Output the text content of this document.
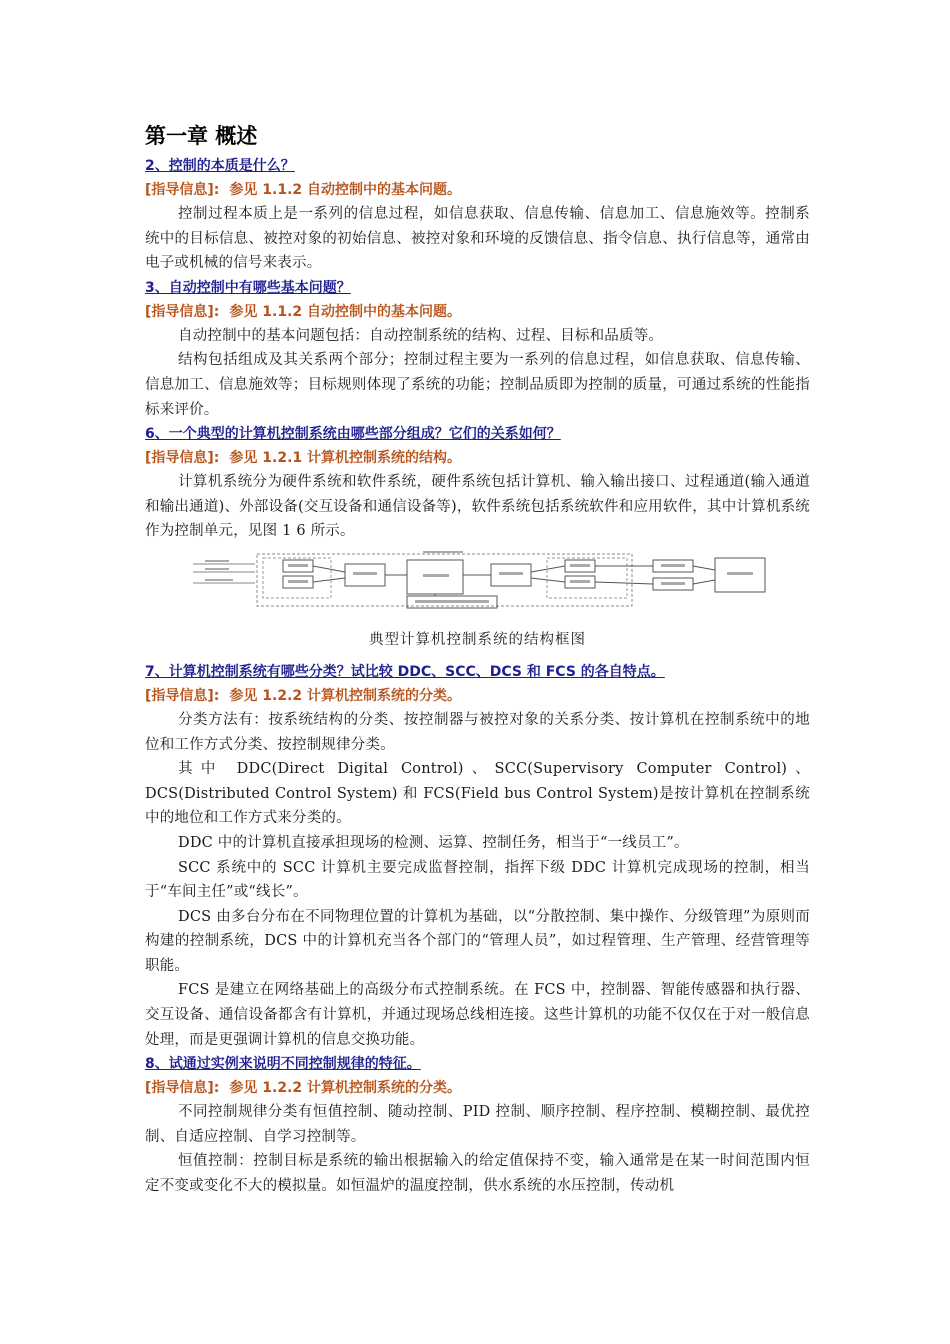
第一章 概述

2、控制的本质是什么？

[指导信息]: 参见 1.1.2 自动控制中的基本问题。

控制过程本质上是一系列的信息过程，如信息获取、信息传输、信息加工、信息施效等。控制系统中的目标信息、被控对象的初始信息、被控对象和环境的反馈信息、指令信息、执行信息等，通常由电子或机械的信号来表示。

3、自动控制中有哪些基本问题？

[指导信息]: 参见 1.1.2 自动控制中的基本问题。

自动控制中的基本问题包括：自动控制系统的结构、过程、目标和品质等。

结构包括组成及其关系两个部分；控制过程主要为一系列的信息过程，如信息获取、信息传输、信息加工、信息施效等；目标规则体现了系统的功能；控制品质即为控制的质量，可通过系统的性能指标来评价。

6、一个典型的计算机控制系统由哪些部分组成？它们的关系如何？

[指导信息]: 参见 1.2.1 计算机控制系统的结构。

计算机系统分为硬件系统和软件系统，硬件系统包括计算机、输入输出接口、过程通道(输入通道和输出通道)、外部设备(交互设备和通信设备等)，软件系统包括系统软件和应用软件，其中计算机系统作为控制单元，见图 1 6 所示。

典型计算机控制系统的结构框图

7、计算机控制系统有哪些分类？试比较 DDC、SCC、DCS 和 FCS 的各自特点。

[指导信息]: 参见 1.2.2 计算机控制系统的分类。

分类方法有：按系统结构的分类、按控制器与被控对象的关系分类、按计算机在控制系统中的地位和工作方式分类、按控制规律分类。

其中 DDC(Direct Digital Control)、SCC(Supervisory Computer Control)、DCS(Distributed Control System) 和 FCS(Field bus Control System)是按计算机在控制系统中的地位和工作方式来分类的。

DDC 中的计算机直接承担现场的检测、运算、控制任务，相当于“一线员工”。

SCC 系统中的 SCC 计算机主要完成监督控制，指挥下级 DDC 计算机完成现场的控制，相当于“车间主任”或“线长”。

DCS 由多台分布在不同物理位置的计算机为基础，以“分散控制、集中操作、分级管理”为原则而构建的控制系统，DCS 中的计算机充当各个部门的“管理人员”，如过程管理、生产管理、经营管理等职能。

FCS 是建立在网络基础上的高级分布式控制系统。在 FCS 中，控制器、智能传感器和执行器、交互设备、通信设备都含有计算机，并通过现场总线相连接。这些计算机的功能不仅仅在于对一般信息处理，而是更强调计算机的信息交换功能。

8、试通过实例来说明不同控制规律的特征。

[指导信息]: 参见 1.2.2 计算机控制系统的分类。

不同控制规律分类有恒值控制、随动控制、PID 控制、顺序控制、程序控制、模糊控制、最优控制、自适应控制、自学习控制等。

恒值控制：控制目标是系统的输出根据输入的给定值保持不变，输入通常是在某一时间范围内恒定不变或变化不大的模拟量。如恒温炉的温度控制，供水系统的水压控制，传动机
